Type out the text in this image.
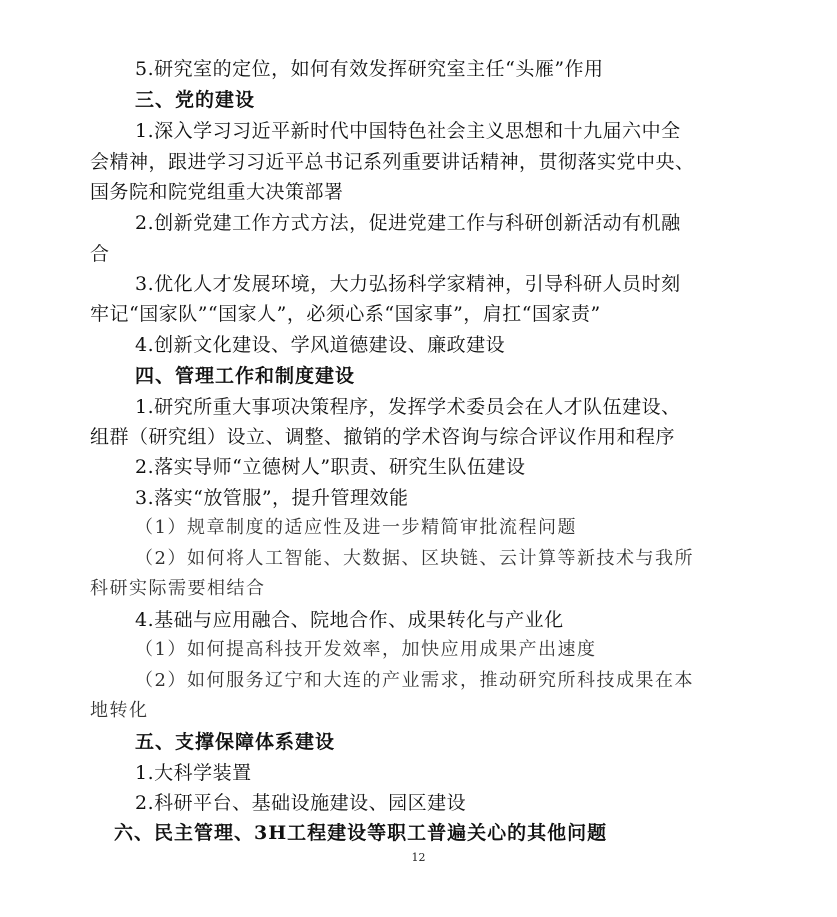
5.研究室的定位，如何有效发挥研究室主任“头雁”作用
三、党的建设
1.深入学习习近平新时代中国特色社会主义思想和十九届六中全
会精神，跟进学习习近平总书记系列重要讲话精神，贯彻落实党中央、
国务院和院党组重大决策部署
2.创新党建工作方式方法，促进党建工作与科研创新活动有机融
合
3.优化人才发展环境，大力弘扬科学家精神，引导科研人员时刻
牢记“国家队”“国家人”，必须心系“国家事”，肩扛“国家责”
4.创新文化建设、学风道德建设、廉政建设
四、管理工作和制度建设
1.研究所重大事项决策程序，发挥学术委员会在人才队伍建设、
组群（研究组）设立、调整、撤销的学术咨询与综合评议作用和程序
2.落实导师“立德树人”职责、研究生队伍建设
3.落实“放管服”，提升管理效能
（1）规章制度的适应性及进一步精简审批流程问题
（2）如何将人工智能、大数据、区块链、云计算等新技术与我所
科研实际需要相结合
4.基础与应用融合、院地合作、成果转化与产业化
（1）如何提高科技开发效率，加快应用成果产出速度
（2）如何服务辽宁和大连的产业需求，推动研究所科技成果在本
地转化
五、支撑保障体系建设
1.大科学装置
2.科研平台、基础设施建设、园区建设
六、民主管理、3H工程建设等职工普遍关心的其他问题
12
